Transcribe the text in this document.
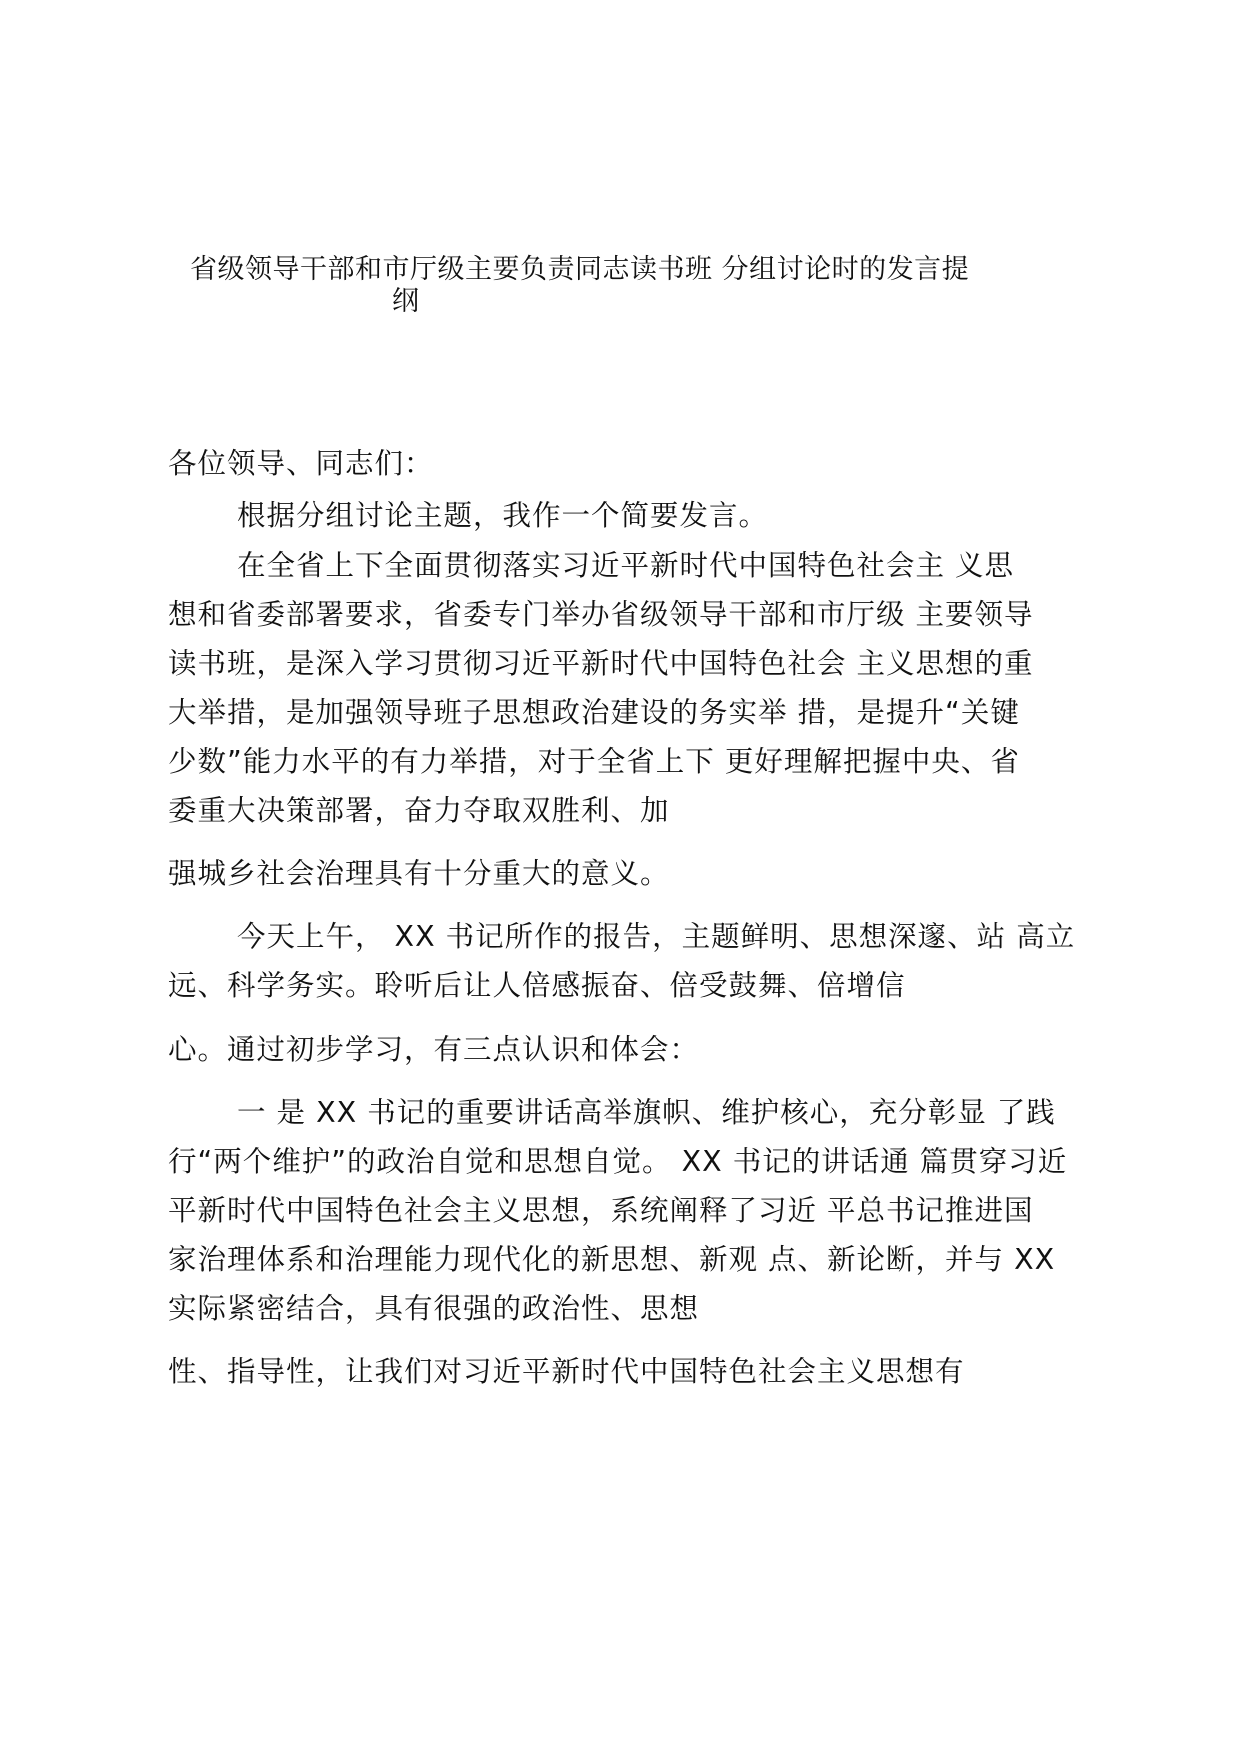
省级领导干部和市厅级主要负责同志读书班 分组讨论时的发言提
纲
各位领导、同志们：
根据分组讨论主题，我作一个简要发言。
在全省上下全面贯彻落实习近平新时代中国特色社会主 义思
想和省委部署要求，省委专门举办省级领导干部和市厅级 主要领导
读书班，是深入学习贯彻习近平新时代中国特色社会 主义思想的重
大举措，是加强领导班子思想政治建设的务实举 措，是提升“关键
少数”能力水平的有力举措，对于全省上下 更好理解把握中央、省
委重大决策部署，奋力夺取双胜利、加
强城乡社会治理具有十分重大的意义。
今天上午， XX 书记所作的报告，主题鲜明、思想深邃、站 高立
远、科学务实。聆听后让人倍感振奋、倍受鼓舞、倍增信
心。通过初步学习，有三点认识和体会：
一 是 XX 书记的重要讲话高举旗帜、维护核心，充分彰显 了践
行“两个维护”的政治自觉和思想自觉。 XX 书记的讲话通 篇贯穿习近
平新时代中国特色社会主义思想，系统阐释了习近 平总书记推进国
家治理体系和治理能力现代化的新思想、新观 点、新论断，并与 XX
实际紧密结合，具有很强的政治性、思想
性、指导性，让我们对习近平新时代中国特色社会主义思想有
